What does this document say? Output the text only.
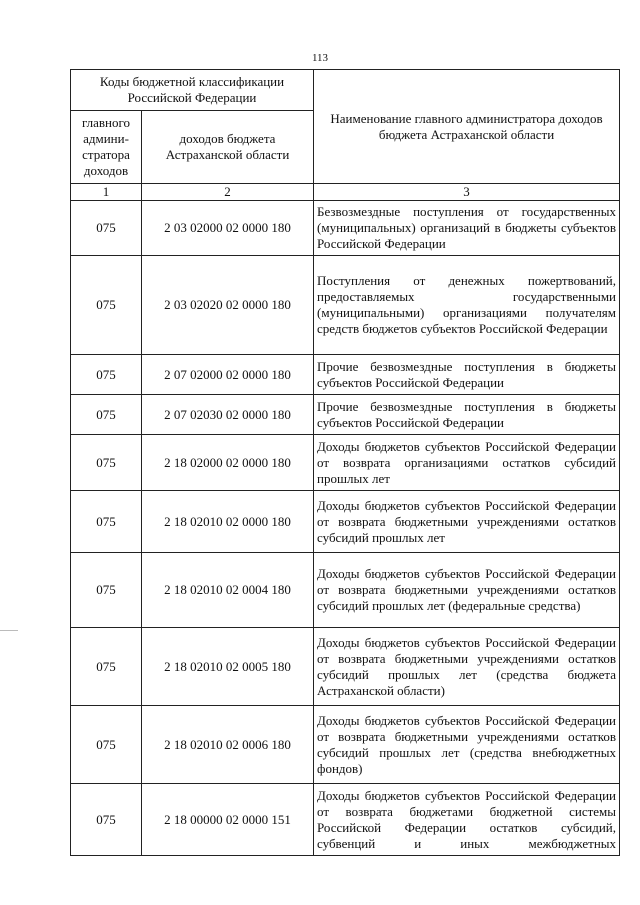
113
Коды бюджетной классификации Российской Федерации		Наименование главного администратора доходов бюджета Астраханской области
главного админи-стратора доходов	доходов бюджета Астраханской области	
1	2	3
075	2 03 02000 02 0000 180	Безвозмездные поступления от государственных (муниципальных) организаций в бюджеты субъектов Российской Федерации
075	2 03 02020 02 0000 180	Поступления от денежных пожертвований, предоставляемых государственными (муниципальными) организациями получателям средств бюджетов субъектов Российской Федерации
075	2 07 02000 02 0000 180	Прочие безвозмездные поступления в бюджеты субъектов Российской Федерации
075	2 07 02030 02 0000 180	Прочие безвозмездные поступления в бюджеты субъектов Российской Федерации
075	2 18 02000 02 0000 180	Доходы бюджетов субъектов Российской Федерации от возврата организациями остатков субсидий прошлых лет
075	2 18 02010 02 0000 180	Доходы бюджетов субъектов Российской Федерации от возврата бюджетными учреждениями остатков субсидий прошлых лет
075	2 18 02010 02 0004 180	Доходы бюджетов субъектов Российской Федерации от возврата бюджетными учреждениями остатков субсидий прошлых лет (федеральные средства)
075	2 18 02010 02 0005 180	Доходы бюджетов субъектов Российской Федерации от возврата бюджетными учреждениями остатков субсидий прошлых лет (средства бюджета Астраханской области)
075	2 18 02010 02 0006 180	Доходы бюджетов субъектов Российской Федерации от возврата бюджетными учреждениями остатков субсидий прошлых лет (средства внебюджетных фондов)
075	2 18 00000 02 0000 151	Доходы бюджетов субъектов Российской Федерации от возврата бюджетами бюджетной системы Российской Федерации остатков субсидий, субвенций и иных межбюджетных
